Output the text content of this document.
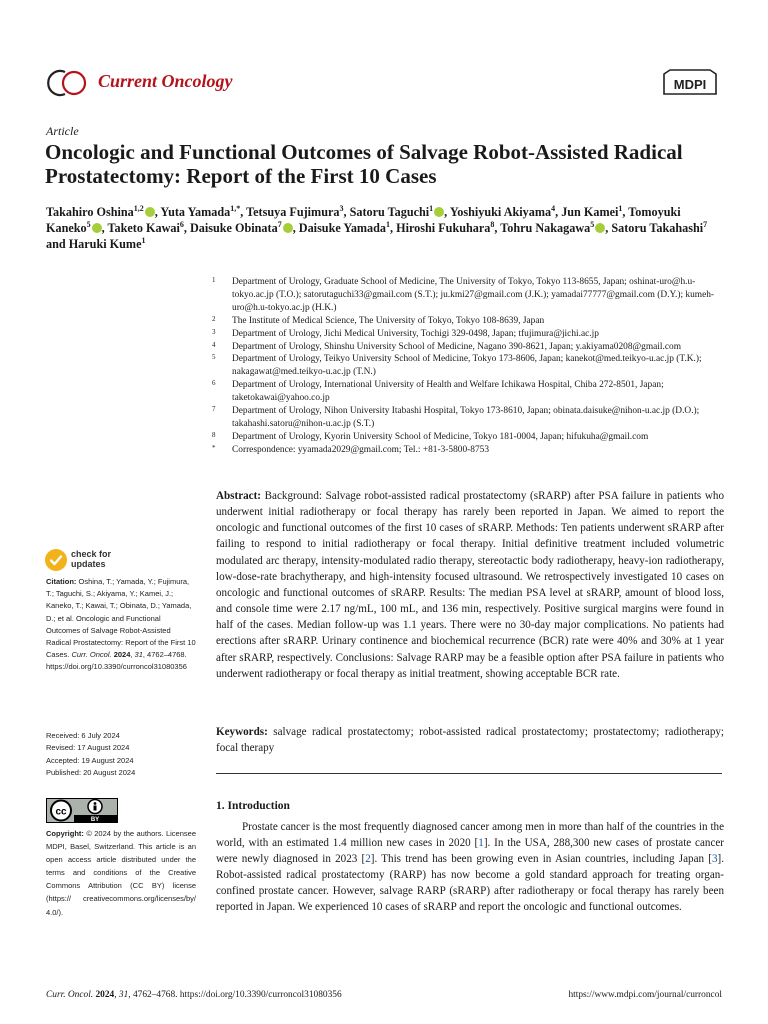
Current Oncology	MDPI
Article
Oncologic and Functional Outcomes of Salvage Robot-Assisted Radical Prostatectomy: Report of the First 10 Cases
Takahiro Oshina$^{1,2}$ , Yuta Yamada$^{1,*}$, Tetsuya Fujimura$^3$, Satoru Taguchi$^1$ , Yoshiyuki Akiyama$^4$, Jun Kamei$^1$, Tomoyuki Kaneko$^5$ , Taketo Kawai$^6$, Daisuke Obinata$^7$ , Daisuke Yamada$^1$, Hiroshi Fukuhara$^8$, Tohru Nakagawa$^5$ , Satoru Takahashi$^7$ and Haruki Kume$^1$
1 Department of Urology, Graduate School of Medicine, The University of Tokyo, Tokyo 113-8655, Japan; oshinat-uro@h.u-tokyo.ac.jp (T.O.); satorutaguchi33@gmail.com (S.T.); ju.kmi27@gmail.com (J.K.); yamadai77777@gmail.com (D.Y.); kumeh-uro@h.u-tokyo.ac.jp (H.K.)
2 The Institute of Medical Science, The University of Tokyo, Tokyo 108-8639, Japan
3 Department of Urology, Jichi Medical University, Tochigi 329-0498, Japan; tfujimura@jichi.ac.jp
4 Department of Urology, Shinshu University School of Medicine, Nagano 390-8621, Japan; y.akiyama0208@gmail.com
5 Department of Urology, Teikyo University School of Medicine, Tokyo 173-8606, Japan; kanekot@med.teikyo-u.ac.jp (T.K.); nakagawat@med.teikyo-u.ac.jp (T.N.)
6 Department of Urology, International University of Health and Welfare Ichikawa Hospital, Chiba 272-8501, Japan; taketokawai@yahoo.co.jp
7 Department of Urology, Nihon University Itabashi Hospital, Tokyo 173-8610, Japan; obinata.daisuke@nihon-u.ac.jp (D.O.); takahashi.satoru@nihon-u.ac.jp (S.T.)
8 Department of Urology, Kyorin University School of Medicine, Tokyo 181-0004, Japan; hifukuha@gmail.com
* Correspondence: yyamada2029@gmail.com; Tel.: +81-3-5800-8753
check for
updates
Citation: Oshina, T.; Yamada, Y.; Fujimura, T.; Taguchi, S.; Akiyama, Y.; Kamei, J.; Kaneko, T.; Kawai, T.; Obinata, D.; Yamada, D.; et al. Oncologic and Functional Outcomes of Salvage Robot-Assisted Radical Prostatectomy: Report of the First 10 Cases. Curr. Oncol. 2024, 31, 4762–4768. https://doi.org/10.3390/curroncol31080356
Received: 6 July 2024
Revised: 17 August 2024
Accepted: 19 August 2024
Published: 20 August 2024
cc
BY
Copyright: © 2024 by the authors. Licensee MDPI, Basel, Switzerland. This article is an open access article distributed under the terms and conditions of the Creative Commons Attribution (CC BY) license (https:// creativecommons.org/licenses/by/ 4.0/).
Abstract: Background: Salvage robot-assisted radical prostatectomy (sRARP) after PSA failure in patients who underwent initial radiotherapy or focal therapy has rarely been reported in Japan. We aimed to report the oncologic and functional outcomes of the first 10 cases of sRARP. Methods: Ten patients underwent sRARP after failing to respond to initial radiotherapy or focal therapy. Initial definitive treatment included volumetric modulated arc therapy, intensity-modulated radio therapy, stereotactic body radiotherapy, heavy-ion radiotherapy, low-dose-rate brachytherapy, and high-intensity focused ultrasound. We retrospectively investigated 10 cases on oncologic and functional outcomes of sRARP. Results: The median PSA level at sRARP, amount of blood loss, and console time were 2.17 ng/mL, 100 mL, and 136 min, respectively. Positive surgical margins were found in half of the cases. Median follow-up was 1.1 years. There were no 30-day major complications. No patients had erections after sRARP. Urinary continence and biochemical recurrence (BCR) rate were 40% and 30% at 1 year after sRARP, respectively. Conclusions: Salvage RARP may be a feasible option after PSA failure in patients who underwent radiotherapy or focal therapy as initial treatment, showing acceptable BCR rate.
Keywords: salvage radical prostatectomy; robot-assisted radical prostatectomy; prostatectomy; radiotherapy; focal therapy
1. Introduction
Prostate cancer is the most frequently diagnosed cancer among men in more than half of the countries in the world, with an estimated 1.4 million new cases in 2020 [1]. In the USA, 288,300 new cases of prostate cancer were newly diagnosed in 2023 [2]. This trend has been growing even in Asian countries, including Japan [3]. Robot-assisted radical prostatectomy (RARP) has now become a gold standard approach for treating organ-confined prostate cancer. However, salvage RARP (sRARP) after radiotherapy or focal therapy has rarely been reported in Japan. We experienced 10 cases of sRARP and report the oncologic and functional outcomes.
Curr. Oncol. 2024, 31, 4762–4768. https://doi.org/10.3390/curroncol31080356	https://www.mdpi.com/journal/curroncol
